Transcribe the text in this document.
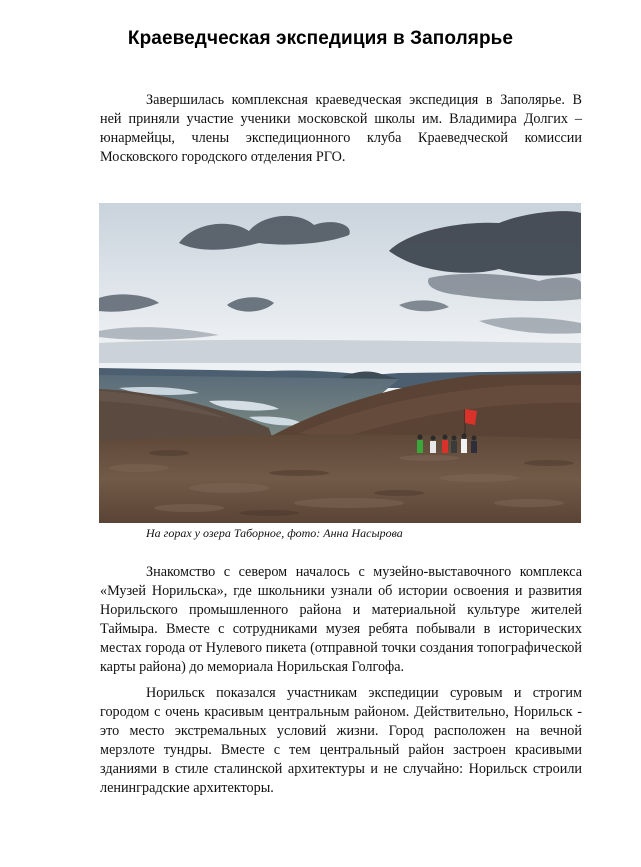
Краеведческая экспедиция в Заполярье

Завершилась комплексная краеведческая экспедиция в Заполярье. В ней приняли участие ученики московской школы им. Владимира Долгих – юнармейцы, члены экспедиционного клуба Краеведческой комиссии Московского городского отделения РГО.

На горах у озера Таборное, фото: Анна Насырова

Знакомство с севером началось с музейно-выставочного комплекса «Музей Норильска», где школьники узнали об истории освоения и развития Норильского промышленного района и материальной культуре жителей Таймыра. Вместе с сотрудниками музея ребята побывали в исторических местах города от Нулевого пикета (отправной точки создания топографической карты района) до мемориала Норильская Голгофа.

Норильск показался участникам экспедиции суровым и строгим городом с очень красивым центральным районом. Действительно, Норильск - это место экстремальных условий жизни. Город расположен на вечной мерзлоте тундры. Вместе с тем центральный район застроен красивыми зданиями в стиле сталинской архитектуры и не случайно: Норильск строили ленинградские архитекторы.
